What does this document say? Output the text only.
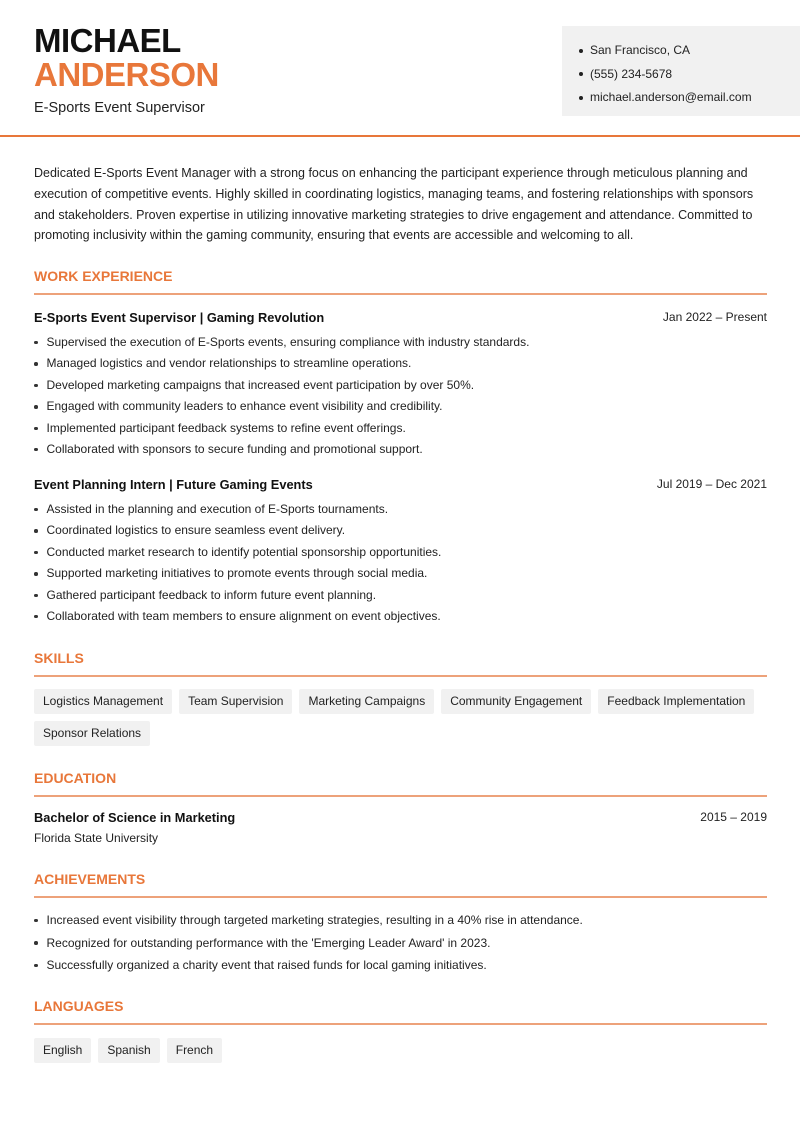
MICHAEL
ANDERSON
E-Sports Event Supervisor
San Francisco, CA
(555) 234-5678
michael.anderson@email.com

Dedicated E-Sports Event Manager with a strong focus on enhancing the participant experience through meticulous planning and execution of competitive events. Highly skilled in coordinating logistics, managing teams, and fostering relationships with sponsors and stakeholders. Proven expertise in utilizing innovative marketing strategies to drive engagement and attendance. Committed to promoting inclusivity within the gaming community, ensuring that events are accessible and welcoming to all.

WORK EXPERIENCE
E-Sports Event Supervisor | Gaming Revolution	Jan 2022 – Present
Supervised the execution of E-Sports events, ensuring compliance with industry standards.
Managed logistics and vendor relationships to streamline operations.
Developed marketing campaigns that increased event participation by over 50%.
Engaged with community leaders to enhance event visibility and credibility.
Implemented participant feedback systems to refine event offerings.
Collaborated with sponsors to secure funding and promotional support.
Event Planning Intern | Future Gaming Events	Jul 2019 – Dec 2021
Assisted in the planning and execution of E-Sports tournaments.
Coordinated logistics to ensure seamless event delivery.
Conducted market research to identify potential sponsorship opportunities.
Supported marketing initiatives to promote events through social media.
Gathered participant feedback to inform future event planning.
Collaborated with team members to ensure alignment on event objectives.
SKILLS
Logistics Management	Team Supervision	Marketing Campaigns	Community Engagement	Feedback Implementation
Sponsor Relations
EDUCATION
Bachelor of Science in Marketing	2015 – 2019
Florida State University
ACHIEVEMENTS
Increased event visibility through targeted marketing strategies, resulting in a 40% rise in attendance.
Recognized for outstanding performance with the 'Emerging Leader Award' in 2023.
Successfully organized a charity event that raised funds for local gaming initiatives.
LANGUAGES
English	Spanish	French
